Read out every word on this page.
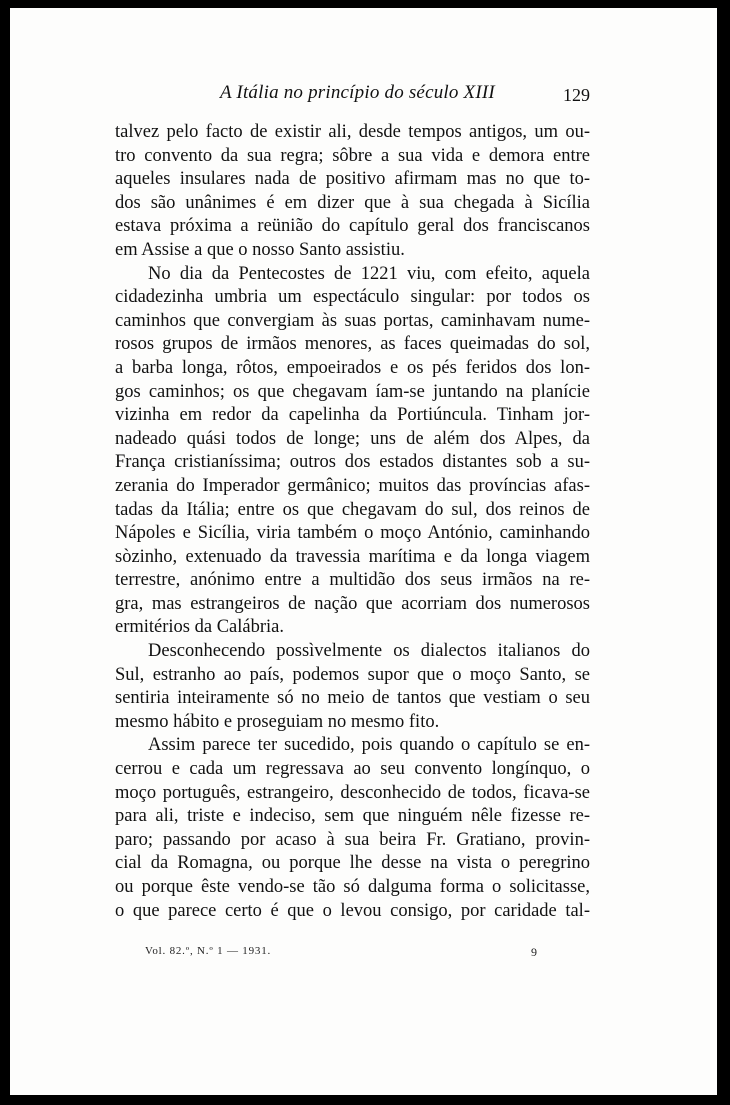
A Itália no princípio do século XIII	129
talvez pelo facto de existir ali, desde tempos antigos, um ou-
tro convento da sua regra; sôbre a sua vida e demora entre
aqueles insulares nada de positivo afirmam mas no que to-
dos são unânimes é em dizer que à sua chegada à Sicília
estava próxima a reünião do capítulo geral dos franciscanos
em Assise a que o nosso Santo assistiu.
No dia da Pentecostes de 1221 viu, com efeito, aquela
cidadezinha umbria um espectáculo singular: por todos os
caminhos que convergiam às suas portas, caminhavam nume-
rosos grupos de irmãos menores, as faces queimadas do sol,
a barba longa, rôtos, empoeirados e os pés feridos dos lon-
gos caminhos; os que chegavam íam-se juntando na planície
vizinha em redor da capelinha da Portiúncula. Tinham jor-
nadeado quási todos de longe; uns de além dos Alpes, da
França cristianíssima; outros dos estados distantes sob a su-
zerania do Imperador germânico; muitos das províncias afas-
tadas da Itália; entre os que chegavam do sul, dos reinos de
Nápoles e Sicília, viria também o moço António, caminhando
sòzinho, extenuado da travessia marítima e da longa viagem
terrestre, anónimo entre a multidão dos seus irmãos na re-
gra, mas estrangeiros de nação que acorriam dos numerosos
ermitérios da Calábria.
Desconhecendo possìvelmente os dialectos italianos do
Sul, estranho ao país, podemos supor que o moço Santo, se
sentiria inteiramente só no meio de tantos que vestiam o seu
mesmo hábito e proseguiam no mesmo fito.
Assim parece ter sucedido, pois quando o capítulo se en-
cerrou e cada um regressava ao seu convento longínquo, o
moço português, estrangeiro, desconhecido de todos, ficava-se
para ali, triste e indeciso, sem que ninguém nêle fizesse re-
paro; passando por acaso à sua beira Fr. Gratiano, provin-
cial da Romagna, ou porque lhe desse na vista o peregrino
ou porque êste vendo-se tão só dalguma forma o solicitasse,
o que parece certo é que o levou consigo, por caridade tal-
Vol. 82.º, N.º 1 — 1931.	9
